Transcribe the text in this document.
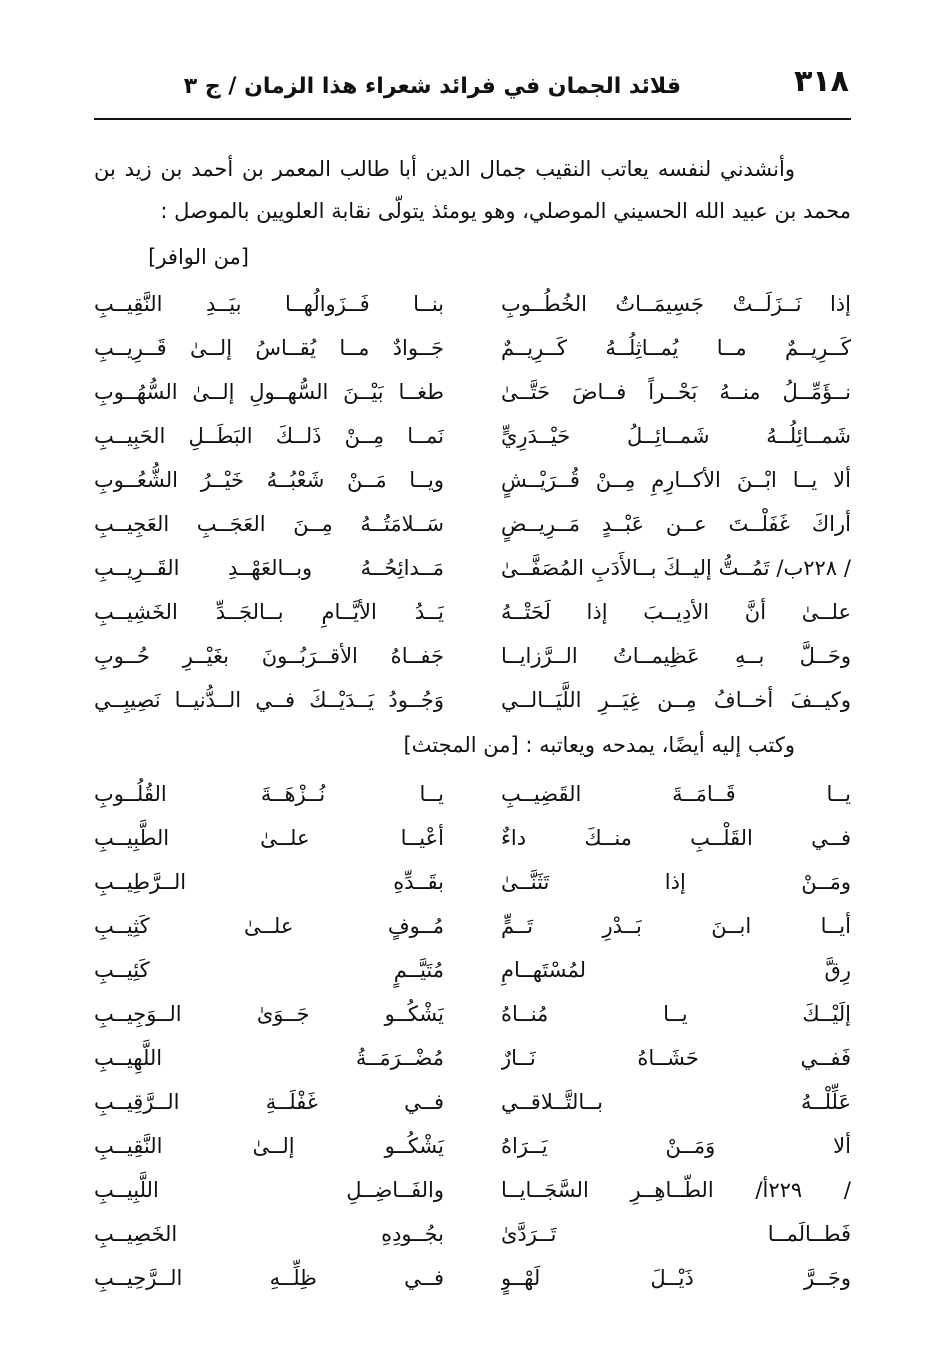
٣١٨
قلائد الجمان في فرائد شعراء هذا الزمان / ج ٣

وأنشدني لنفسه يعاتب النقيب جمال الدين أبا طالب المعمر بن أحمد بن زيد بن محمد بن عبيد الله الحسيني الموصلي، وهو يومئذ يتولّى نقابة العلويين بالموصل :

[من الوافر]
إذا نَــزَلَــتْ جَسِيمَــاتُ الخُطُــوبِ
بنــا فَــزَوالُهــا بيَــدِ النَّقِيــبِ
كَــرِيــمٌ مــا يُمــاثِلُــهُ كَــرِيــمٌ
جَــوادٌ مــا يُقــاسُ إلــىٰ قَــرِيــبِ
نــؤَمِّــلُ منــهُ بَحْــراً فــاضَ حَتَّــىٰ
طغــا بَيْــنَ السُّهــولِ إلــىٰ السُّهُــوبِ
شَمــائِلُــهُ شَمــائِــلُ حَيْــدَرِيٍّ
نَمــا مِــنْ ذَلــكَ البَطَــلِ الحَبِيــبِ
ألا يــا ابْــنَ الأكــارِمِ مِــنْ قُــرَيْــشٍ
ويــا مَــنْ شَعْبُــهُ خَيْــرُ الشُّعُــوبِ
أراكَ غَفَلْــتَ عــن عَبْــدٍ مَــرِيــضٍ
سَــلامَتُــهُ مِــنَ العَجَــبِ العَجِيــبِ
/ ٢٢٨ب/ تَمُــتُّ إليــكَ بــالأَدَبِ المُصَفَّــىٰ
مَــدائِحُــهُ وبــالعَهْــدِ القَــرِيــبِ
علــىٰ أنَّ الأدِيــبَ إذا لَحَتْــهُ
يَــدُ الأيَّــامِ بــالجَــدِّ الخَشِيــبِ
وحَــلَّ بــهِ عَظِيمــاتُ الــرَّزايــا
جَفــاهُ الأقــرَبُــونَ بغَيْــرِ حُــوبِ
وكيــفَ أخــافُ مِــن غِيَــرِ اللَّيَــالــي
وَجُــودُ يَــدَيْــكَ فــي الــدُّنيــا نَصِيبِــي
وكتب إليه أيضًا، يمدحه ويعاتبه : [من المجتث]
يــا قَــامَــةَ القَضِيــبِ
يــا نُــزْهَــةَ القُلُــوبِ
فــي القَلْــبِ منــكَ داءٌ
أعْيــا علــىٰ الطَّبِيــبِ
ومَــنْ إذا تَثَنَّــىٰ
بقَــدِّهِ الــرَّطِيــبِ
أيــا ابــنَ بَــدْرِ تَــمٍّ
مُــوفٍ علــىٰ كَثِيــبِ
رِقَّ لمُسْتَهــامِ
مُتَيَّــمٍ كَئِيــبِ
إلَيْــكَ يــا مُنــاهُ
يَشْكُــو جَــوَىٰ الــوَجِيــبِ
فَفــي حَشَــاهُ نَــارٌ
مُضْــرَمَــةُ اللَّهِيــبِ
عَلِّلْــهُ بــالتَّــلاقــي
فــي غَفْلَــةِ الــرَّقِيــبِ
ألا وَمَــنْ يَــرَاهُ
يَشْكُــو إلــىٰ النَّقِيــبِ
/ ٢٢٩أ/ الطّــاهِــرِ السَّجَــايــا
والفَــاضِــلِ اللَّبِيــبِ
فَطــالَمــا تَــرَدَّىٰ
بجُــودِهِ الخَصِيــبِ
وجَــرَّ ذَيْــلَ لَهْــوٍ
فــي ظِلِّــهِ الــرَّحِيــبِ
